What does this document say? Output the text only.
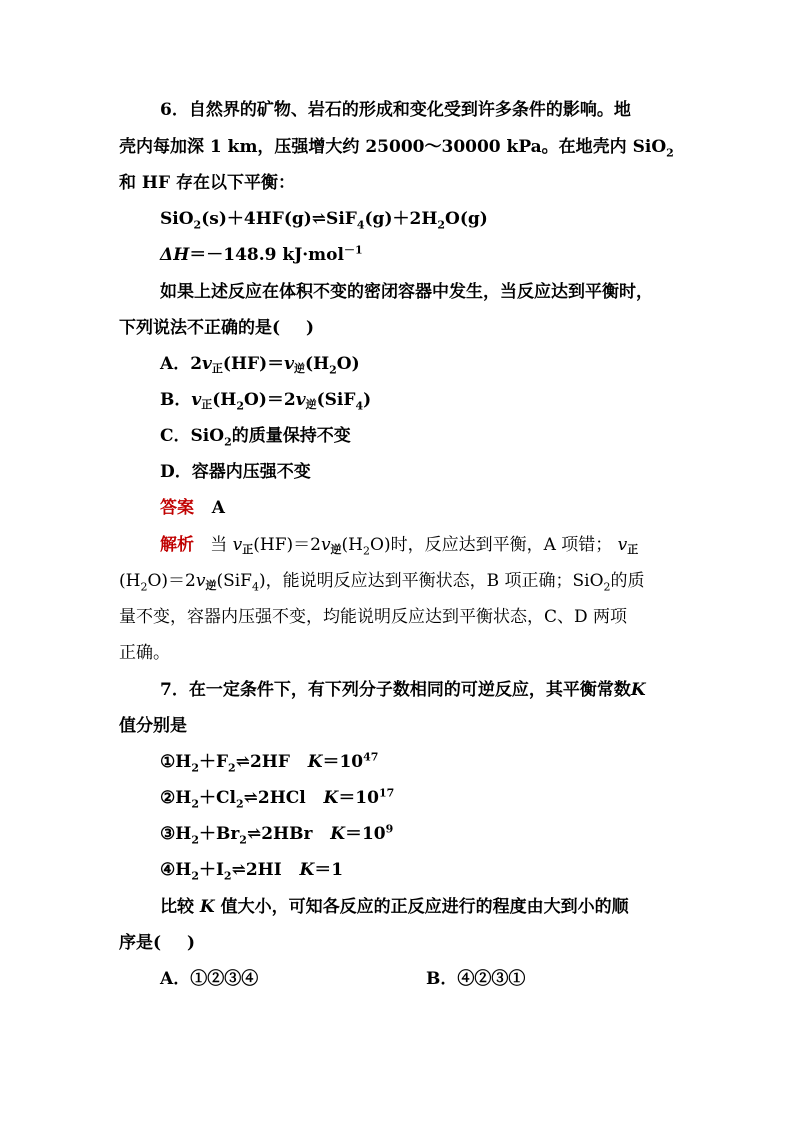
6．自然界的矿物、岩石的形成和变化受到许多条件的影响。地
壳内每加深 1 km，压强增大约 25000～30000 kPa。在地壳内 SiO$_2$
和 HF 存在以下平衡：
$SiO_2(s)+4HF(g)\rightleftharpoons SiF_4(g)+2H_2O(g)$
ΔH＝－148.9 kJ·mol$^{-1}$
如果上述反应在体积不变的密闭容器中发生，当反应达到平衡时，
下列说法不正确的是( )
A．2v正(HF)＝v逆$(H_2O)$
B．v正$(H_2O)=2v$逆(SiF$_4$)
C．SiO$_2$的质量保持不变
D．容器内压强不变
答案 A
解析 当 v正(HF)＝2v逆$(H_2O)$时，反应达到平衡，A 项错； v正
$(H_2O)=2v$逆(SiF$_4$)，能说明反应达到平衡状态，B 项正确；SiO$_2$的质
量不变，容器内压强不变，均能说明反应达到平衡状态，C、D 两项
正确。
7．在一定条件下，有下列分子数相同的可逆反应，其平衡常数K
值分别是
$①H_2+F_2\rightleftharpoons 2HF$ $K=10^{47}$
$②H_2+Cl_2\rightleftharpoons 2HCl$ $K=10^{17}$
$③H_2+Br_2\rightleftharpoons 2HBr$ $K=10^9$
$④H_2+I_2\rightleftharpoons 2HI$ K＝1
比较 K 值大小，可知各反应的正反应进行的程度由大到小的顺
序是( )
A．①②③④	B．④②③①
